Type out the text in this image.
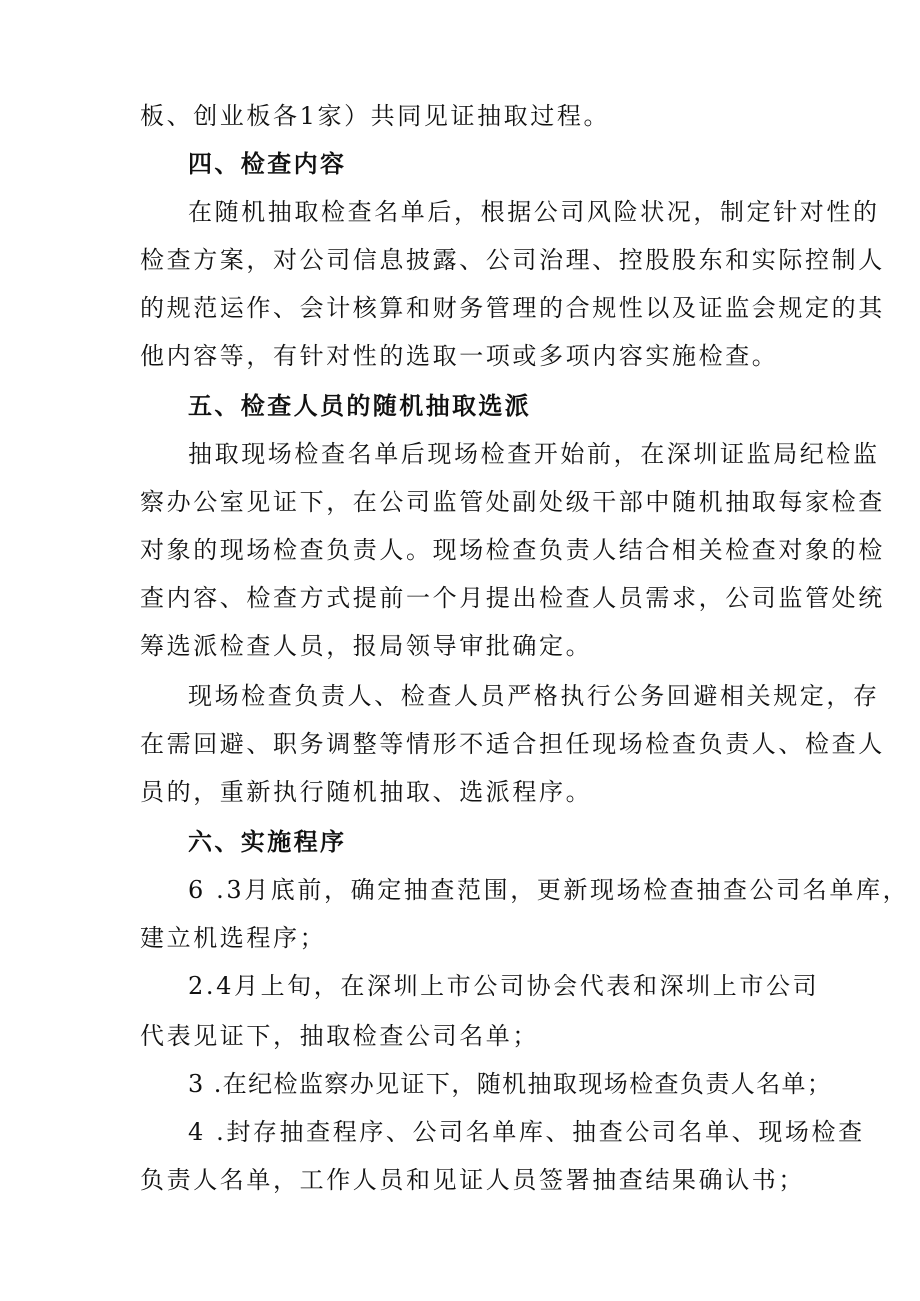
板、创业板各1家）共同见证抽取过程。
四、检查内容
在随机抽取检查名单后，根据公司风险状况，制定针对性的
检查方案，对公司信息披露、公司治理、控股股东和实际控制人
的规范运作、会计核算和财务管理的合规性以及证监会规定的其
他内容等，有针对性的选取一项或多项内容实施检查。
五、检查人员的随机抽取选派
抽取现场检查名单后现场检查开始前，在深圳证监局纪检监
察办公室见证下，在公司监管处副处级干部中随机抽取每家检查
对象的现场检查负责人。现场检查负责人结合相关检查对象的检
查内容、检查方式提前一个月提出检查人员需求，公司监管处统
筹选派检查人员，报局领导审批确定。
现场检查负责人、检查人员严格执行公务回避相关规定，存
在需回避、职务调整等情形不适合担任现场检查负责人、检查人
员的，重新执行随机抽取、选派程序。
六、实施程序
6 .3月底前，确定抽查范围，更新现场检查抽查公司名单库，
建立机选程序；
2.4月上旬，在深圳上市公司协会代表和深圳上市公司
代表见证下，抽取检查公司名单；
3 .在纪检监察办见证下，随机抽取现场检查负责人名单；
4 .封存抽查程序、公司名单库、抽查公司名单、现场检查
负责人名单，工作人员和见证人员签署抽查结果确认书；
